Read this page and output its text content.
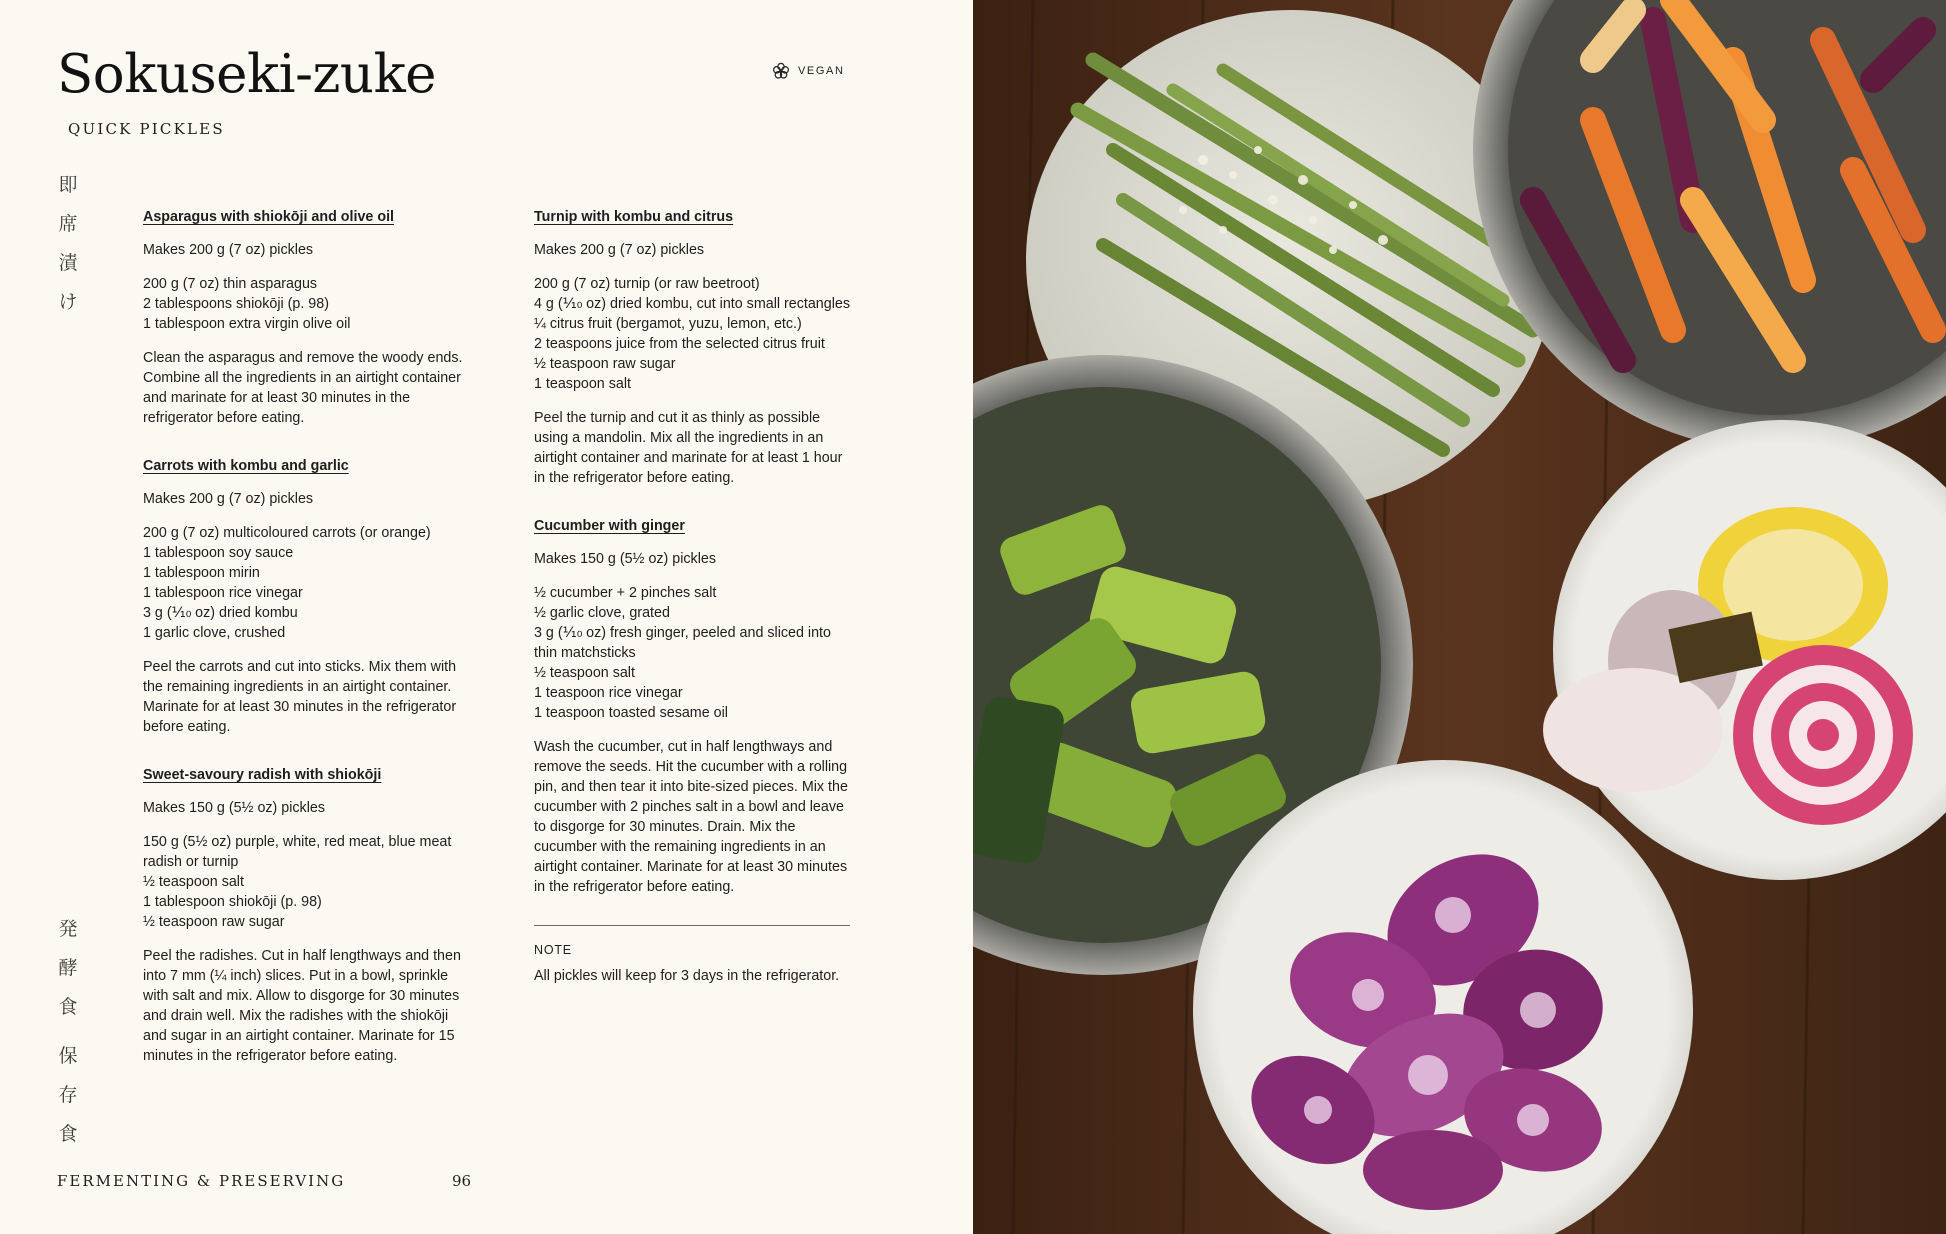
Sokuseki-zuke
QUICK PICKLES
VEGAN
即
席
漬
け
発
酵
食
保
存
食
Asparagus with shiokōji and olive oil
Makes 200 g (7 oz) pickles
200 g (7 oz) thin asparagus
2 tablespoons shiokōji (p. 98)
1 tablespoon extra virgin olive oil

Clean the asparagus and remove the woody ends. Combine all the ingredients in an airtight container and marinate for at least 30 minutes in the refrigerator before eating.

Carrots with kombu and garlic
Makes 200 g (7 oz) pickles
200 g (7 oz) multicoloured carrots (or orange)
1 tablespoon soy sauce
1 tablespoon mirin
1 tablespoon rice vinegar
3 g (⅒ oz) dried kombu
1 garlic clove, crushed

Peel the carrots and cut into sticks. Mix them with the remaining ingredients in an airtight container. Marinate for at least 30 minutes in the refrigerator before eating.

Sweet-savoury radish with shiokōji
Makes 150 g (5½ oz) pickles
150 g (5½ oz) purple, white, red meat, blue meat radish or turnip
½ teaspoon salt
1 tablespoon shiokōji (p. 98)
½ teaspoon raw sugar

Peel the radishes. Cut in half lengthways and then into 7 mm (¼ inch) slices. Put in a bowl, sprinkle with salt and mix. Allow to disgorge for 30 minutes and drain well. Mix the radishes with the shiokōji and sugar in an airtight container. Marinate for 15 minutes in the refrigerator before eating.

Turnip with kombu and citrus
Makes 200 g (7 oz) pickles
200 g (7 oz) turnip (or raw beetroot)
4 g (⅒ oz) dried kombu, cut into small rectangles
¼ citrus fruit (bergamot, yuzu, lemon, etc.)
2 teaspoons juice from the selected citrus fruit
½ teaspoon raw sugar
1 teaspoon salt

Peel the turnip and cut it as thinly as possible using a mandolin. Mix all the ingredients in an airtight container and marinate for at least 1 hour in the refrigerator before eating.

Cucumber with ginger
Makes 150 g (5½ oz) pickles
½ cucumber + 2 pinches salt
½ garlic clove, grated
3 g (⅒ oz) fresh ginger, peeled and sliced into thin matchsticks
½ teaspoon salt
1 teaspoon rice vinegar
1 teaspoon toasted sesame oil

Wash the cucumber, cut in half lengthways and remove the seeds. Hit the cucumber with a rolling pin, and then tear it into bite-sized pieces. Mix the cucumber with 2 pinches salt in a bowl and leave to disgorge for 30 minutes. Drain. Mix the cucumber with the remaining ingredients in an airtight container. Marinate for at least 30 minutes in the refrigerator before eating.

NOTE
All pickles will keep for 3 days in the refrigerator.
FERMENTING & PRESERVING	96
